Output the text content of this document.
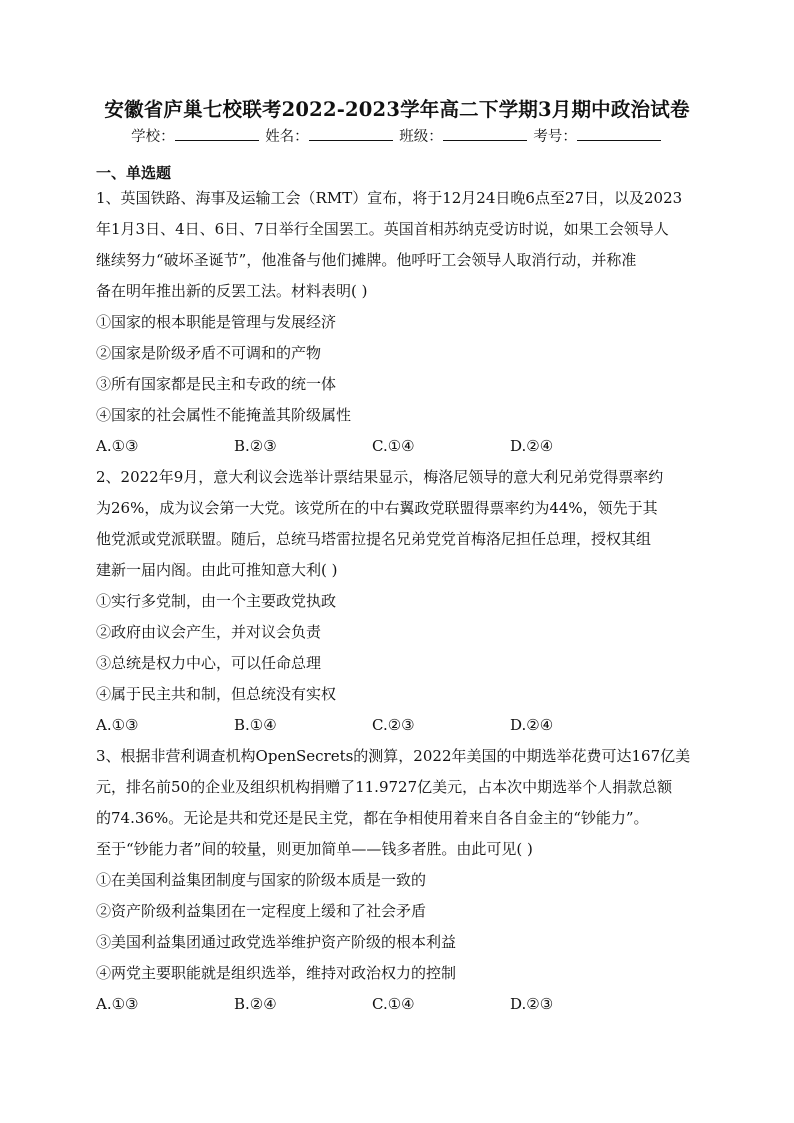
安徽省庐巢七校联考2022-2023学年高二下学期3月期中政治试卷
学校：	姓名：	班级：	考号：
一、单选题

1、英国铁路、海事及运输工会（RMT）宣布，将于12月24日晚6点至27日，以及2023

年1月3日、4日、6日、7日举行全国罢工。英国首相苏纳克受访时说，如果工会领导人

继续努力“破坏圣诞节”，他准备与他们摊牌。他呼吁工会领导人取消行动，并称准

备在明年推出新的反罢工法。材料表明( )

①国家的根本职能是管理与发展经济

②国家是阶级矛盾不可调和的产物

③所有国家都是民主和专政的统一体

④国家的社会属性不能掩盖其阶级属性

A.①③	B.②③	C.①④	D.②④

2、2022年9月，意大利议会选举计票结果显示，梅洛尼领导的意大利兄弟党得票率约

为26%，成为议会第一大党。该党所在的中右翼政党联盟得票率约为44%，领先于其

他党派或党派联盟。随后，总统马塔雷拉提名兄弟党党首梅洛尼担任总理，授权其组

建新一届内阁。由此可推知意大利( )

①实行多党制，由一个主要政党执政

②政府由议会产生，并对议会负责

③总统是权力中心，可以任命总理

④属于民主共和制，但总统没有实权

A.①③	B.①④	C.②③	D.②④

3、根据非营利调查机构OpenSecrets的测算，2022年美国的中期选举花费可达167亿美

元，排名前50的企业及组织机构捐赠了11.9727亿美元，占本次中期选举个人捐款总额

的74.36%。无论是共和党还是民主党，都在争相使用着来自各自金主的“钞能力”。

至于“钞能力者”间的较量，则更加简单——钱多者胜。由此可见( )

①在美国利益集团制度与国家的阶级本质是一致的

②资产阶级利益集团在一定程度上缓和了社会矛盾

③美国利益集团通过政党选举维护资产阶级的根本利益

④两党主要职能就是组织选举，维持对政治权力的控制

A.①③	B.②④	C.①④	D.②③
